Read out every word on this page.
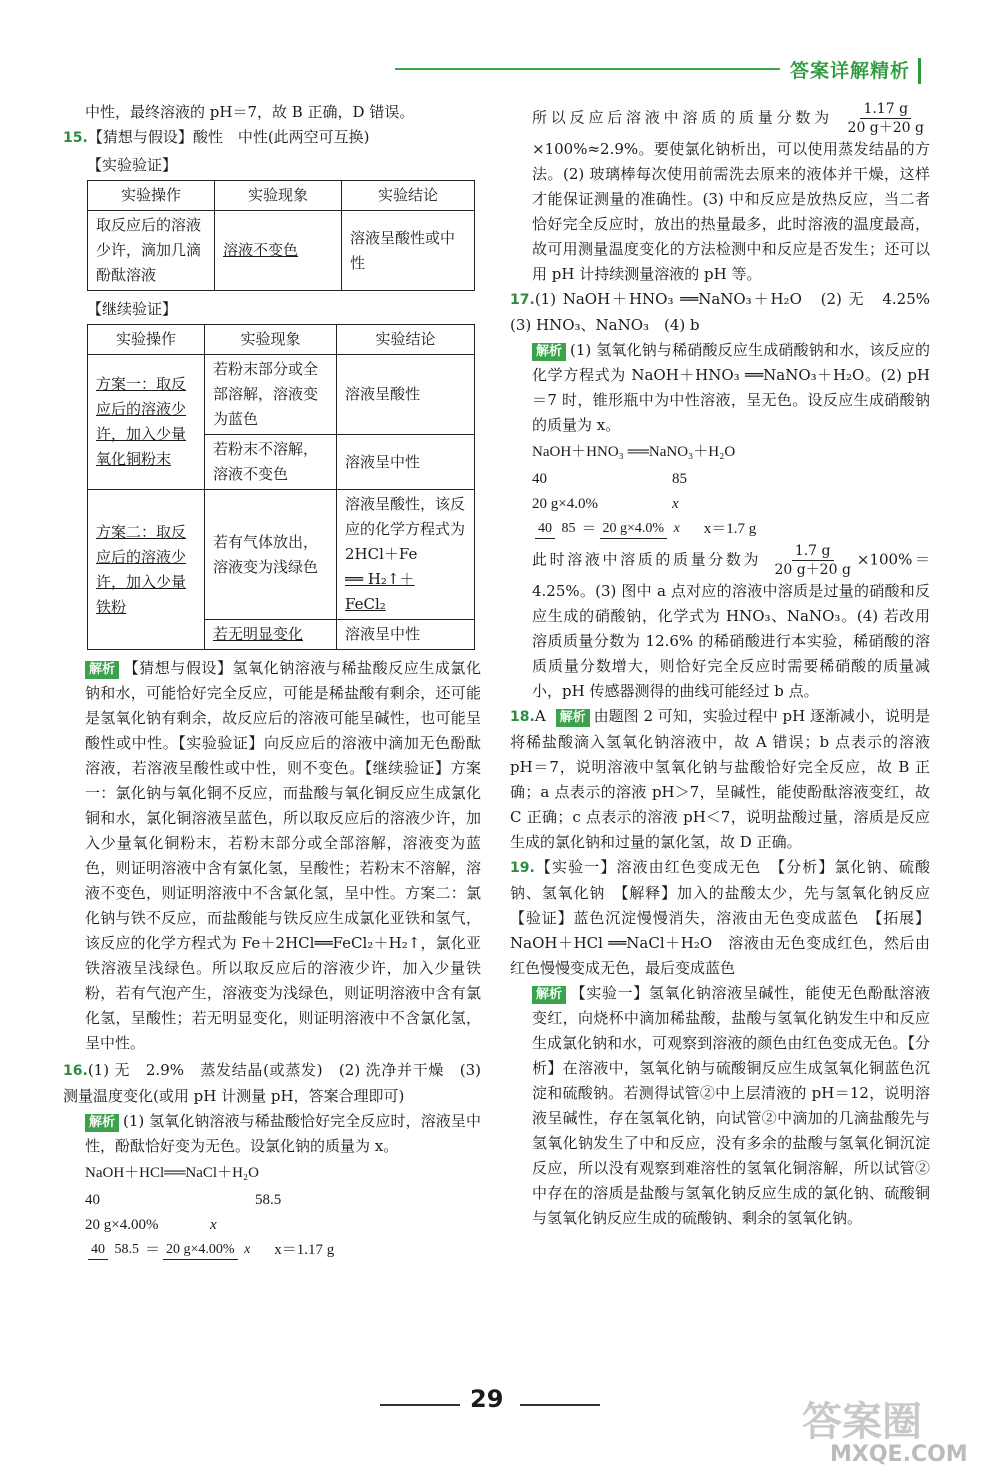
答案详解精析

中性，最终溶液的 pH＝7，故 B 正确，D 错误。

15.【猜想与假设】酸性　中性(此两空可互换)

【实验验证】

实验操作	实验现象	实验结论
取反应后的溶液少许，滴加几滴酚酞溶液	溶液不变色	溶液呈酸性或中性

【继续验证】

实验操作	实验现象	实验结论
方案一：取反应后的溶液少许，加入少量氧化铜粉末	若粉末部分或全部溶解，溶液变为蓝色	溶液呈酸性
	若粉末不溶解，溶液不变色	溶液呈中性
方案二：取反应后的溶液少许，加入少量铁粉	若有气体放出，溶液变为浅绿色	溶液呈酸性，该反应的化学方程式为 2HCl＋Fe
══ H₂↑＋
FeCl₂
	若无明显变化	溶液呈中性

解析 【猜想与假设】氢氧化钠溶液与稀盐酸反应生成氯化钠和水，可能恰好完全反应，可能是稀盐酸有剩余，还可能是氢氧化钠有剩余，故反应后的溶液可能呈碱性，也可能呈酸性或中性。【实验验证】向反应后的溶液中滴加无色酚酞溶液，若溶液呈酸性或中性，则不变色。【继续验证】方案一：氯化钠与氧化铜不反应，而盐酸与氧化铜反应生成氯化铜和水，氯化铜溶液呈蓝色，所以取反应后的溶液少许，加入少量氧化铜粉末，若粉末部分或全部溶解，溶液变为蓝色，则证明溶液中含有氯化氢，呈酸性；若粉末不溶解，溶液不变色，则证明溶液中不含氯化氢，呈中性。方案二：氯化钠与铁不反应，而盐酸能与铁反应生成氯化亚铁和氢气，该反应的化学方程式为 Fe＋2HCl══FeCl₂＋H₂↑，氯化亚铁溶液呈浅绿色。所以取反应后的溶液少许，加入少量铁粉，若有气泡产生，溶液变为浅绿色，则证明溶液中含有氯化氢，呈酸性；若无明显变化，则证明溶液中不含氯化氢，呈中性。

16.(1) 无　2.9%　蒸发结晶(或蒸发)　(2) 洗净并干燥　(3) 测量温度变化(或用 pH 计测量 pH，答案合理即可)

解析 (1) 氢氧化钠溶液与稀盐酸恰好完全反应时，溶液呈中性，酚酞恰好变为无色。设氯化钠的质量为 x。

NaOH＋HCl══NaCl＋H₂O
40	58.5
20 g×4.00%	x
40 58.5 ＝ 20 g×4.00% x x＝1.17 g

所以反应后溶液中溶质的质量分数为 $\frac{1.17 g}{20 g+20 g}$
×100%≈2.9%。要使氯化钠析出，可以使用蒸发结晶的方法。(2) 玻璃棒每次使用前需洗去原来的液体并干燥，这样才能保证测量的准确性。(3) 中和反应是放热反应，当二者恰好完全反应时，放出的热量最多，此时溶液的温度最高，故可用测量温度变化的方法检测中和反应是否发生；还可以用 pH 计持续测量溶液的 pH 等。

17.(1) NaOH＋HNO₃ ══NaNO₃＋H₂O　(2) 无　4.25%　(3) HNO₃、NaNO₃　(4) b

解析 (1) 氢氧化钠与稀硝酸反应生成硝酸钠和水，该反应的化学方程式为 NaOH＋HNO₃ ══NaNO₃＋H₂O。(2) pH＝7 时，锥形瓶中为中性溶液，呈无色。设反应生成硝酸钠的质量为 x。

NaOH＋HNO₃ ══NaNO₃＋H₂O
40	85
20 g×4.0%	x
40 85 ＝ 20 g×4.0% x x＝1.7 g

此时溶液中溶质的质量分数为 $\frac{1.7 g}{20 g+20 g} \times 100\%=4.25\%$。(3) 图中 a 点对应的溶液中溶质是过量的硝酸和反应生成的硝酸钠，化学式为 HNO₃、NaNO₃。(4) 若改用溶质质量分数为 12.6% 的稀硝酸进行本实验，稀硝酸的溶质质量分数增大，则恰好完全反应时需要稀硝酸的质量减小，pH 传感器测得的曲线可能经过 b 点。

18.A 解析 由题图 2 可知，实验过程中 pH 逐渐减小，说明是将稀盐酸滴入氢氧化钠溶液中，故 A 错误；b 点表示的溶液 pH＝7，说明溶液中氢氧化钠与盐酸恰好完全反应，故 B 正确；a 点表示的溶液 pH＞7，呈碱性，能使酚酞溶液变红，故 C 正确；c 点表示的溶液 pH＜7，说明盐酸过量，溶质是反应生成的氯化钠和过量的氯化氢，故 D 正确。

19.【实验一】溶液由红色变成无色　【分析】氯化钠、硫酸钠、氢氧化钠　【解释】加入的盐酸太少，先与氢氧化钠反应　【验证】蓝色沉淀慢慢消失，溶液由无色变成蓝色　【拓展】NaOH＋HCl ══NaCl＋H₂O　溶液由无色变成红色，然后由红色慢慢变成无色，最后变成蓝色

解析 【实验一】氢氧化钠溶液呈碱性，能使无色酚酞溶液变红，向烧杯中滴加稀盐酸，盐酸与氢氧化钠发生中和反应生成氯化钠和水，可观察到溶液的颜色由红色变成无色。【分析】在溶液中，氢氧化钠与硫酸铜反应生成氢氧化铜蓝色沉淀和硫酸钠。若测得试管②中上层清液的 pH＝12，说明溶液呈碱性，存在氢氧化钠，向试管②中滴加的几滴盐酸先与氢氧化钠发生了中和反应，没有多余的盐酸与氢氧化铜沉淀反应，所以没有观察到难溶性的氢氧化铜溶解，所以试管②中存在的溶质是盐酸与氢氧化钠反应生成的氯化钠、硫酸铜与氢氧化钠反应生成的硫酸钠、剩余的氢氧化钠。

29	答案圈
MXQE.COM
